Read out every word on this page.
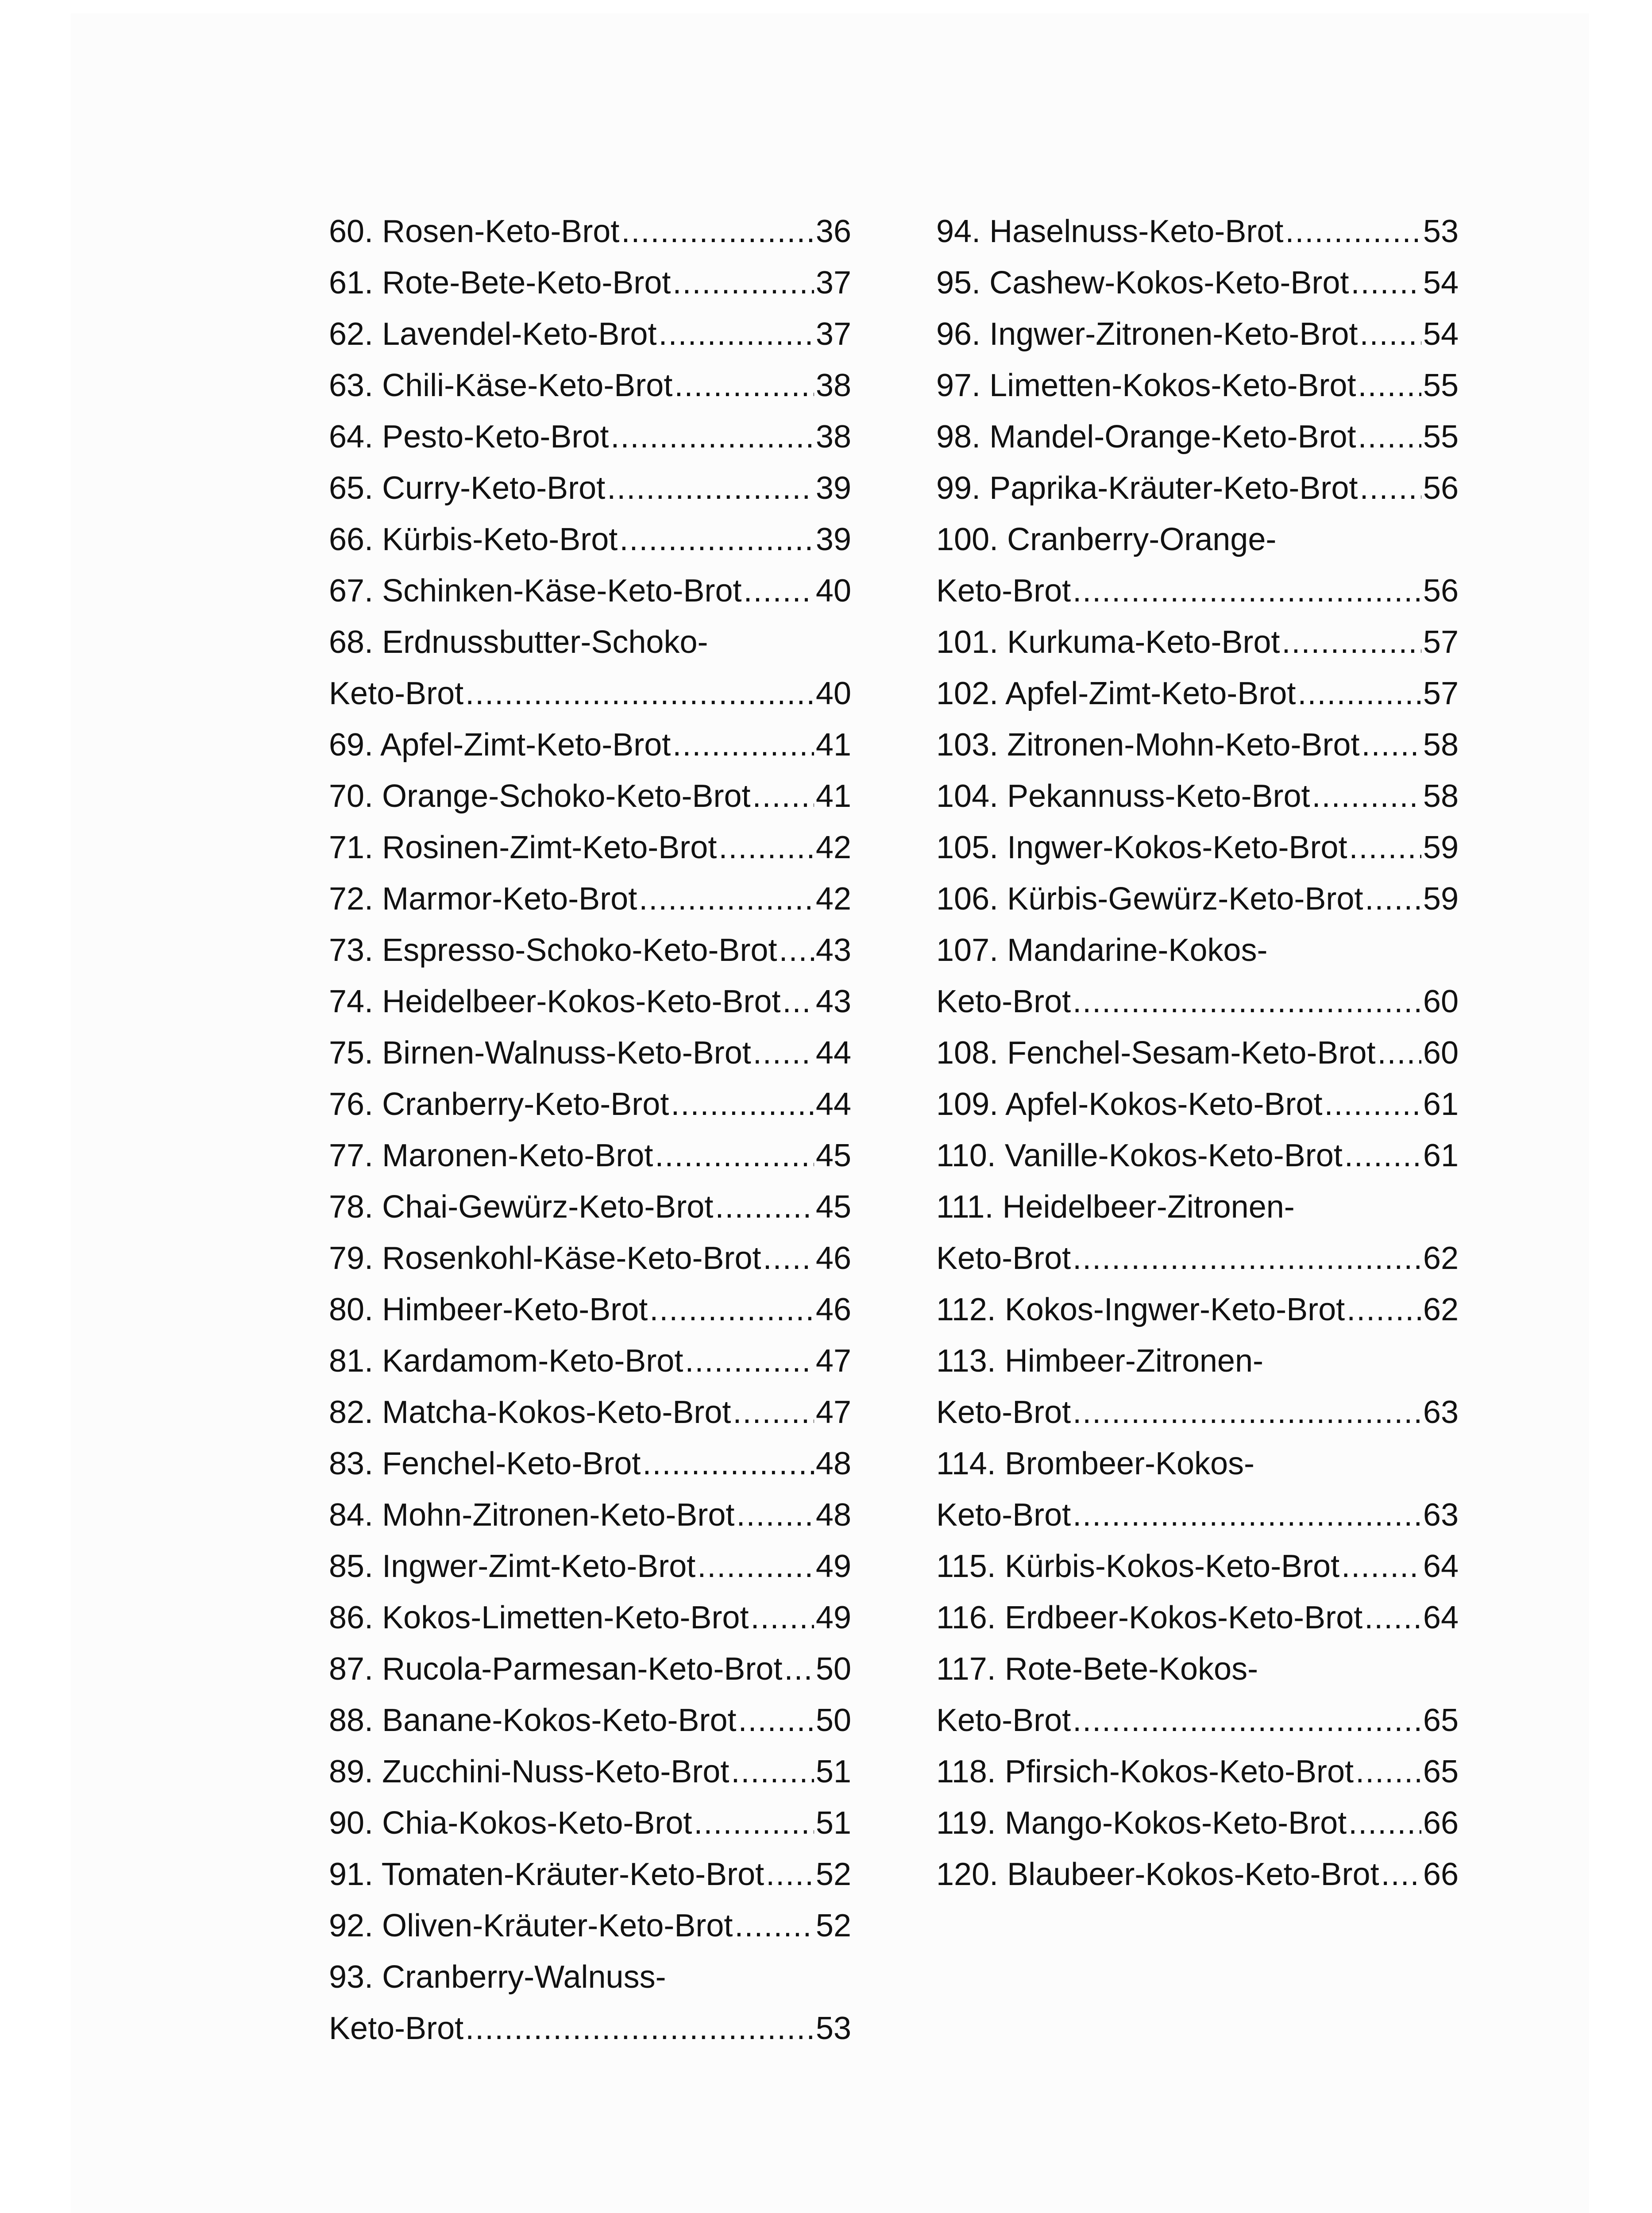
60. Rosen-Keto-Brot .....	36
61. Rote-Bete-Keto-Brot .....	37
62. Lavendel-Keto-Brot .....	37
63. Chili-Käse-Keto-Brot .....	38
64. Pesto-Keto-Brot .....	38
65. Curry-Keto-Brot .....	39
66. Kürbis-Keto-Brot .....	39
67. Schinken-Käse-Keto-Brot ..... 40
68. Erdnussbutter-Schoko-
Keto-Brot .....	40
69. Apfel-Zimt-Keto-Brot .....	41
70. Orange-Schoko-Keto-Brot ..... 41
71. Rosinen-Zimt-Keto-Brot .....	42
72. Marmor-Keto-Brot .....	42
73. Espresso-Schoko-Keto-Brot ..... 43
74. Heidelbeer-Kokos-Keto-Brot ..... 43
75. Birnen-Walnuss-Keto-Brot ..... 44
76. Cranberry-Keto-Brot .....	44
77. Maronen-Keto-Brot .....	45
78. Chai-Gewürz-Keto-Brot .....	45
79. Rosenkohl-Käse-Keto-Brot ..... 46
80. Himbeer-Keto-Brot .....	46
81. Kardamom-Keto-Brot .....	47
82. Matcha-Kokos-Keto-Brot .....	47
83. Fenchel-Keto-Brot .....	48
84. Mohn-Zitronen-Keto-Brot .....	48
85. Ingwer-Zimt-Keto-Brot .....	49
86. Kokos-Limetten-Keto-Brot ..... 49
87. Rucola-Parmesan-Keto-Brot ..... 50
88. Banane-Kokos-Keto-Brot ..... 50
89. Zucchini-Nuss-Keto-Brot .....	51
90. Chia-Kokos-Keto-Brot .....	51
91. Tomaten-Kräuter-Keto-Brot ..... 52
92. Oliven-Kräuter-Keto-Brot .....	52
93. Cranberry-Walnuss-
Keto-Brot .....	53
94. Haselnuss-Keto-Brot .....	53
95. Cashew-Kokos-Keto-Brot ..... 54
96. Ingwer-Zitronen-Keto-Brot ..... 54
97. Limetten-Kokos-Keto-Brot ..... 55
98. Mandel-Orange-Keto-Brot ..... 55
99. Paprika-Kräuter-Keto-Brot ..... 56
100. Cranberry-Orange-
Keto-Brot .....	56
101. Kurkuma-Keto-Brot .....	57
102. Apfel-Zimt-Keto-Brot .....	57
103. Zitronen-Mohn-Keto-Brot ..... 58
104. Pekannuss-Keto-Brot .....	58
105. Ingwer-Kokos-Keto-Brot ..... 59
106. Kürbis-Gewürz-Keto-Brot ..... 59
107. Mandarine-Kokos-
Keto-Brot .....	60
108. Fenchel-Sesam-Keto-Brot ..... 60
109. Apfel-Kokos-Keto-Brot .....	61
110. Vanille-Kokos-Keto-Brot .....	61
111. Heidelbeer-Zitronen-
Keto-Brot .....	62
112. Kokos-Ingwer-Keto-Brot ..... 62
113. Himbeer-Zitronen-
Keto-Brot .....	63
114. Brombeer-Kokos-
Keto-Brot .....	63
115. Kürbis-Kokos-Keto-Brot .....	64
116. Erdbeer-Kokos-Keto-Brot ..... 64
117. Rote-Bete-Kokos-
Keto-Brot .....	65
118. Pfirsich-Kokos-Keto-Brot ..... 65
119. Mango-Kokos-Keto-Brot ..... 66
120. Blaubeer-Kokos-Keto-Brot ..... 66
